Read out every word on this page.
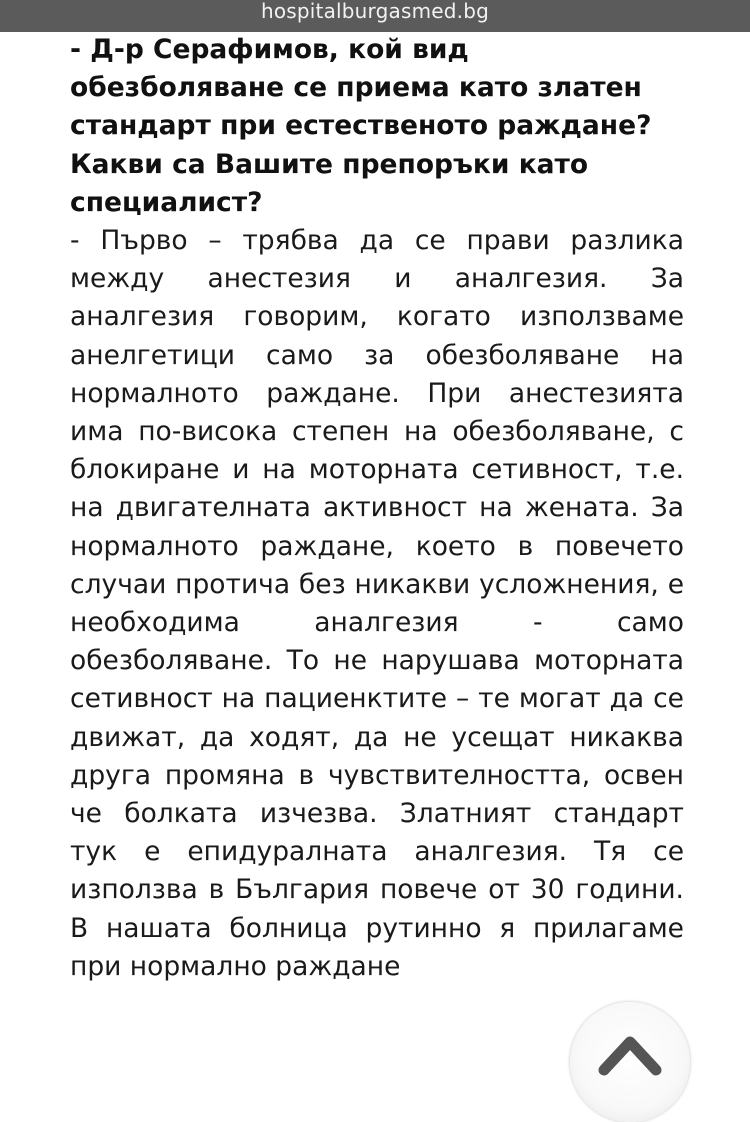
hospitalburgasmed.bg

- Д-р Серафимов, кой вид обезболяване се приема като златен стандарт при естественото раждане? Какви са Вашите препоръки като специалист?

- Първо – трябва да се прави разлика между анестезия и аналгезия. За аналгезия говорим, когато използваме анелгетици само за обезболяване на нормалното раждане. При анестезията има по-висока степен на обезболяване, с блокиране и на моторната сетивност, т.е. на двигателната активност на жената. За нормалното раждане, което в повечето случаи протича без никакви усложнения, е необходима аналгезия - само обезболяване. То не нарушава моторната сетивност на пациенктите – те могат да се движат, да ходят, да не усещат никаква друга промяна в чувствителността, освен че болката изчезва. Златният стандарт тук е епидуралната аналгезия. Тя се използва в България повече от 30 години. В нашата болница рутинно я прилагаме при нормално раждане
